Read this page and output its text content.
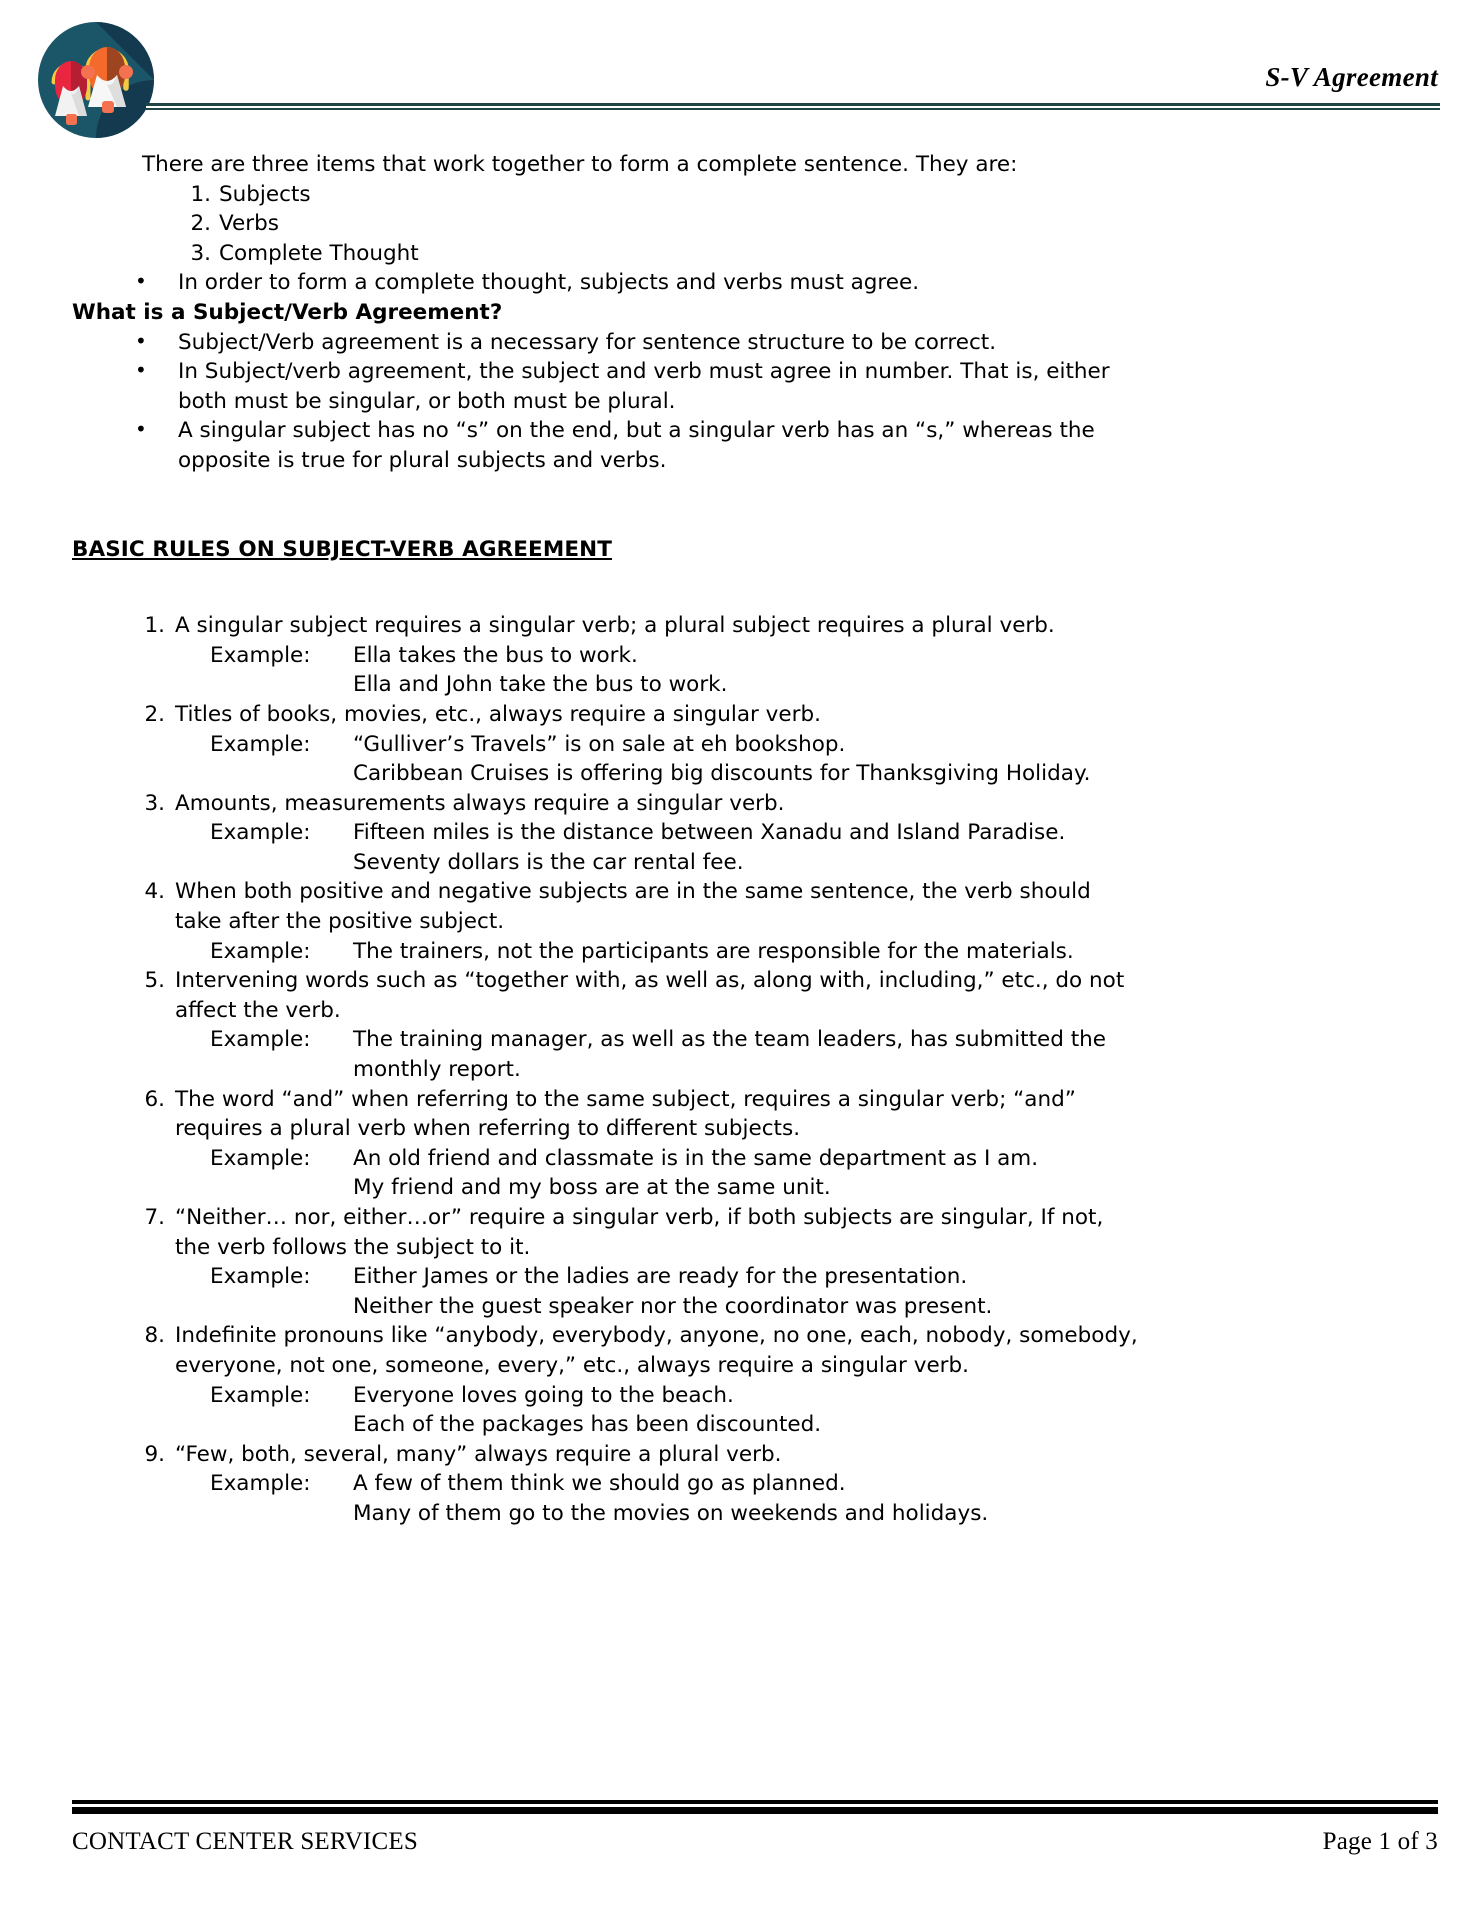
S-V Agreement

There are three items that work together to form a complete sentence. They are:

1. Subjects
2. Verbs
3. Complete Thought
• In order to form a complete thought, subjects and verbs must agree.

What is a Subject/Verb Agreement?

• Subject/Verb agreement is a necessary for sentence structure to be correct.
• In Subject/verb agreement, the subject and verb must agree in number. That is, either both must be singular, or both must be plural.
• A singular subject has no “s” on the end, but a singular verb has an “s,” whereas the opposite is true for plural subjects and verbs.

BASIC RULES ON SUBJECT-VERB AGREEMENT

1. A singular subject requires a singular verb; a plural subject requires a plural verb.

Example: Ella takes the bus to work.

Ella and John take the bus to work.

2. Titles of books, movies, etc., always require a singular verb.

Example: “Gulliver’s Travels” is on sale at eh bookshop.

Caribbean Cruises is offering big discounts for Thanksgiving Holiday.

3. Amounts, measurements always require a singular verb.

Example: Fifteen miles is the distance between Xanadu and Island Paradise.

Seventy dollars is the car rental fee.

4. When both positive and negative subjects are in the same sentence, the verb should take after the positive subject.

Example: The trainers, not the participants are responsible for the materials.

5. Intervening words such as “together with, as well as, along with, including,” etc., do not affect the verb.

Example: The training manager, as well as the team leaders, has submitted the monthly report.

6. The word “and” when referring to the same subject, requires a singular verb; “and” requires a plural verb when referring to different subjects.

Example: An old friend and classmate is in the same department as I am.

My friend and my boss are at the same unit.

7. “Neither… nor, either…or” require a singular verb, if both subjects are singular, If not, the verb follows the subject to it.

Example: Either James or the ladies are ready for the presentation.

Neither the guest speaker nor the coordinator was present.

8. Indefinite pronouns like “anybody, everybody, anyone, no one, each, nobody, somebody, everyone, not one, someone, every,” etc., always require a singular verb.

Example: Everyone loves going to the beach.

Each of the packages has been discounted.

9. “Few, both, several, many” always require a plural verb.

Example: A few of them think we should go as planned.

Many of them go to the movies on weekends and holidays.

CONTACT CENTER SERVICES	Page 1 of 3
